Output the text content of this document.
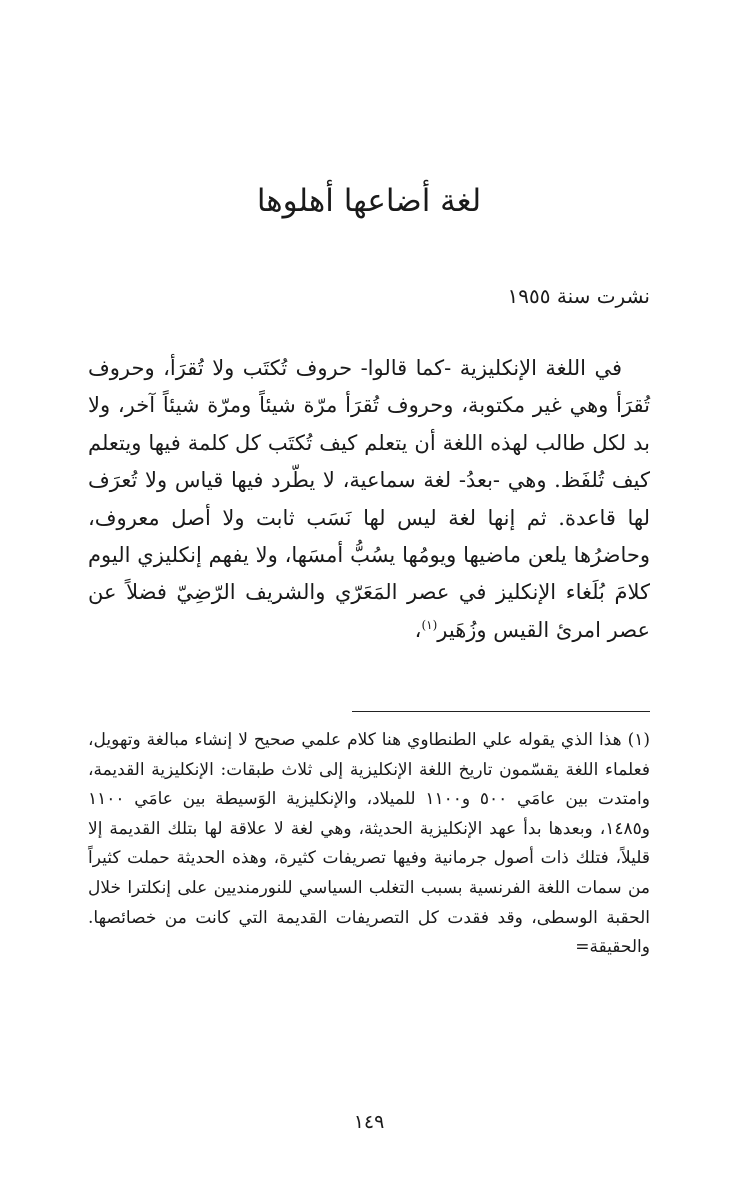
لغة أضاعها أهلوها

نشرت سنة ١٩٥٥

في اللغة الإنكليزية -كما قالوا- حروف تُكتَب ولا تُقرَأ، وحروف تُقرَأ وهي غير مكتوبة، وحروف تُقرَأ مرّة شيئاً ومرّة شيئاً آخر، ولا بد لكل طالب لهذه اللغة أن يتعلم كيف تُكتَب كل كلمة فيها ويتعلم كيف تُلفَظ. وهي -بعدُ- لغة سماعية، لا يطّرد فيها قياس ولا تُعرَف لها قاعدة. ثم إنها لغة ليس لها نَسَب ثابت ولا أصل معروف، وحاضرُها يلعن ماضيها ويومُها يسُبُّ أمسَها، ولا يفهم إنكليزي اليوم كلامَ بُلَغاء الإنكليز في عصر المَعَرّي والشريف الرّضِيّ فضلاً عن عصر امرئ القيس وزُهَير$^{(١)}$،

(١)هذا الذي يقوله علي الطنطاوي هنا كلام علمي صحيح لا إنشاء مبالغة وتهويل، فعلماء اللغة يقسّمون تاريخ اللغة الإنكليزية إلى ثلاث طبقات: الإنكليزية القديمة، وامتدت بين عامَي ٥٠٠ و١١٠٠ للميلاد، والإنكليزية الوَسيطة بين عامَي ١١٠٠ و١٤٨٥، وبعدها بدأ عهد الإنكليزية الحديثة، وهي لغة لا علاقة لها بتلك القديمة إلا قليلاً، فتلك ذات أصول جرمانية وفيها تصريفات كثيرة، وهذه الحديثة حملت كثيراً من سمات اللغة الفرنسية بسبب التغلب السياسي للنورمنديين على إنكلترا خلال الحقبة الوسطى، وقد فقدت كل التصريفات القديمة التي كانت من خصائصها. والحقيقة=

١٤٩
